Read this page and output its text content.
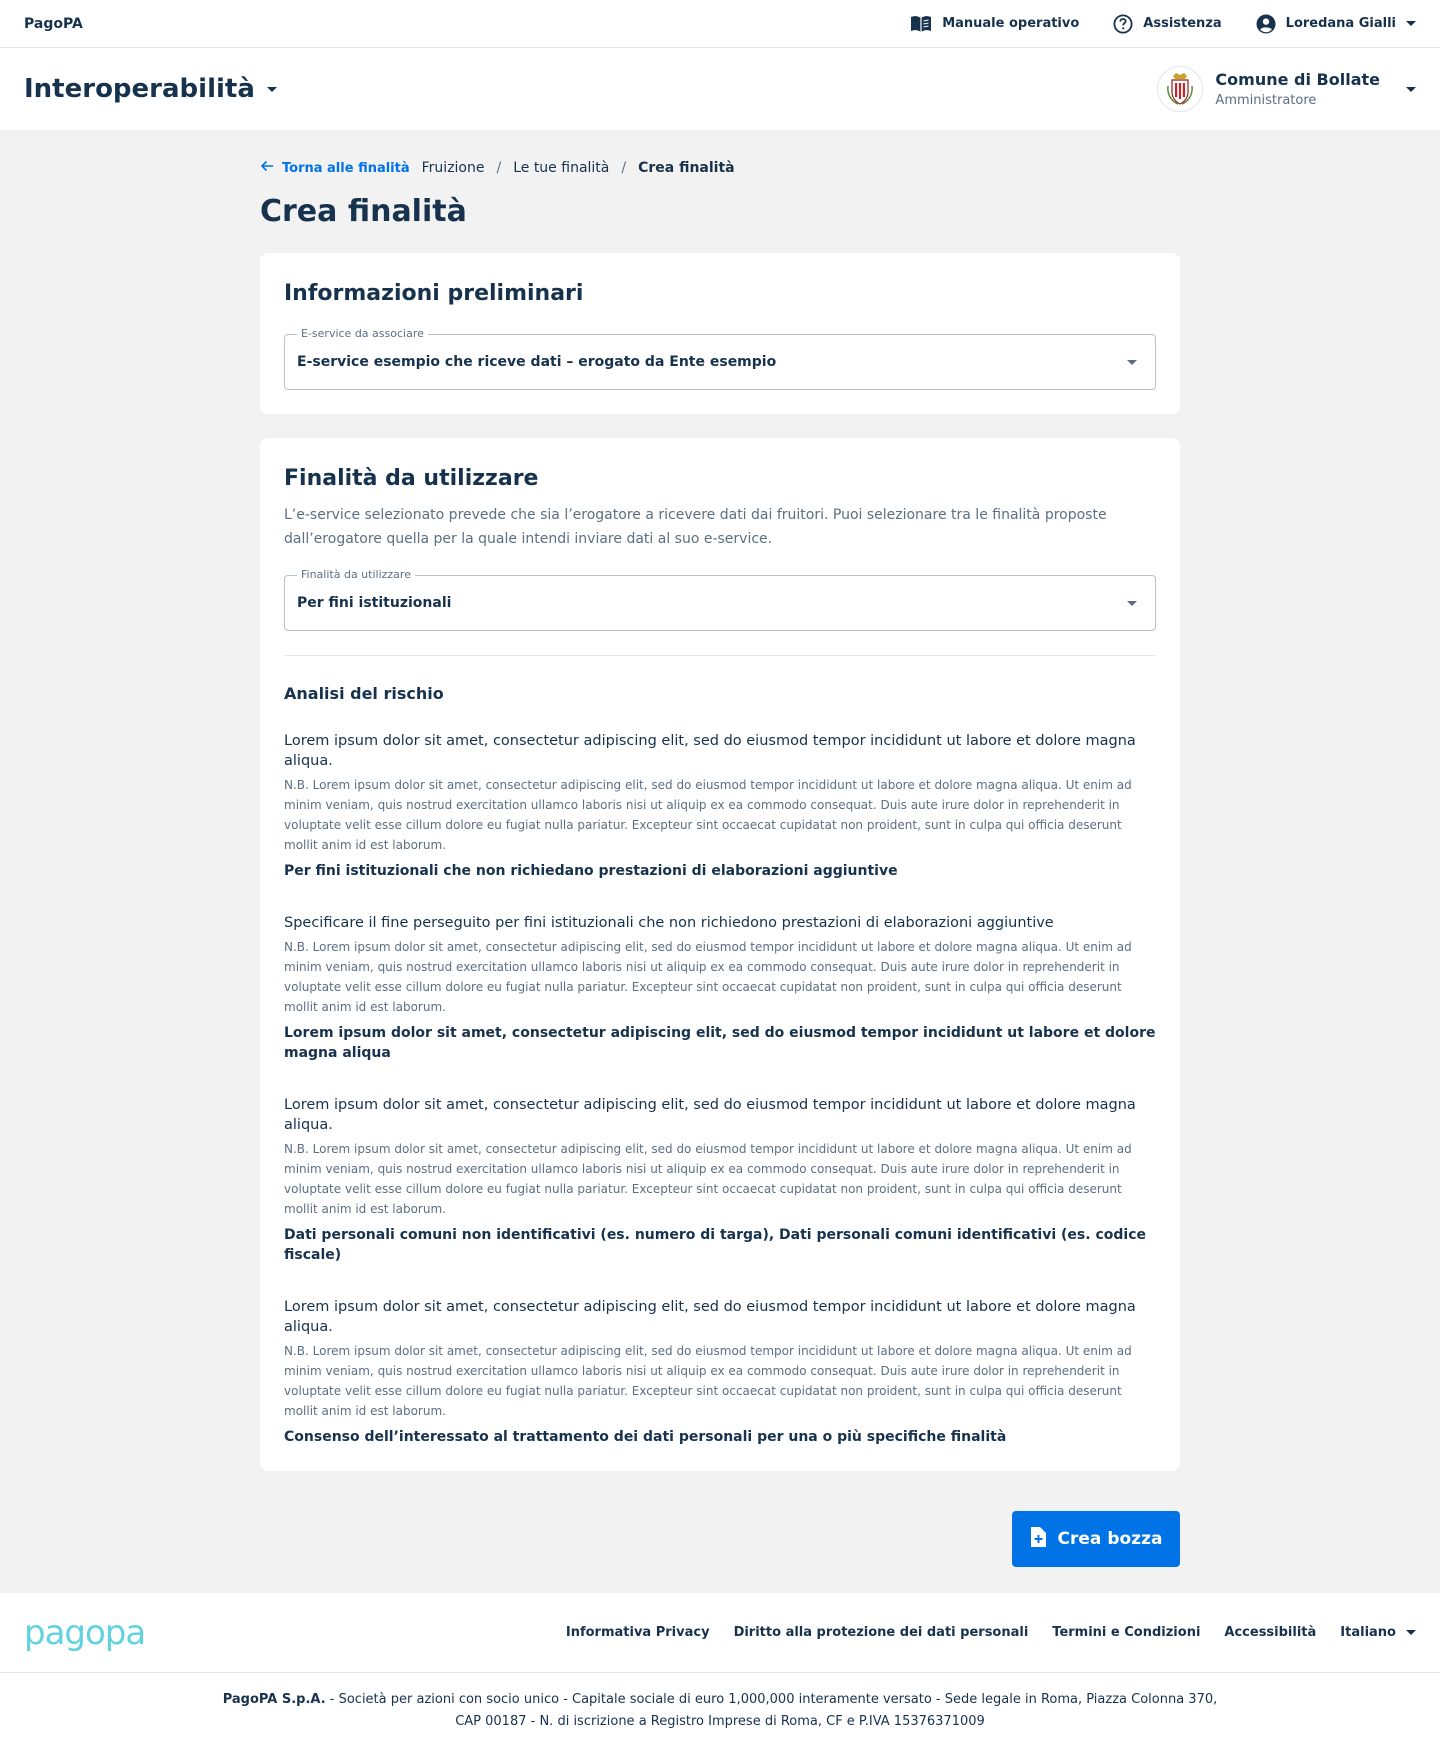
PagoPA	Manuale operativo	Assistenza	Loredana Gialli
Interoperabilità	Comune di Bollate
Amministratore
Torna alle finalità Fruizione / Le tue finalità / Crea finalità
Crea finalità
Informazioni preliminari
E-service da associare
E-service esempio che riceve dati – erogato da Ente esempio
Finalità da utilizzare

L’e-service selezionato prevede che sia l’erogatore a ricevere dati dai fruitori. Puoi selezionare tra le finalità proposte dall’erogatore quella per la quale intendi inviare dati al suo e-service.

Finalità da utilizzare
Per fini istituzionali
Analisi del rischio

Lorem ipsum dolor sit amet, consectetur adipiscing elit, sed do eiusmod tempor incididunt ut labore et dolore magna aliqua.

N.B. Lorem ipsum dolor sit amet, consectetur adipiscing elit, sed do eiusmod tempor incididunt ut labore et dolore magna aliqua. Ut enim ad minim veniam, quis nostrud exercitation ullamco laboris nisi ut aliquip ex ea commodo consequat. Duis aute irure dolor in reprehenderit in voluptate velit esse cillum dolore eu fugiat nulla pariatur. Excepteur sint occaecat cupidatat non proident, sunt in culpa qui officia deserunt mollit anim id est laborum.

Per fini istituzionali che non richiedano prestazioni di elaborazioni aggiuntive

Specificare il fine perseguito per fini istituzionali che non richiedono prestazioni di elaborazioni aggiuntive

N.B. Lorem ipsum dolor sit amet, consectetur adipiscing elit, sed do eiusmod tempor incididunt ut labore et dolore magna aliqua. Ut enim ad minim veniam, quis nostrud exercitation ullamco laboris nisi ut aliquip ex ea commodo consequat. Duis aute irure dolor in reprehenderit in voluptate velit esse cillum dolore eu fugiat nulla pariatur. Excepteur sint occaecat cupidatat non proident, sunt in culpa qui officia deserunt mollit anim id est laborum.

Lorem ipsum dolor sit amet, consectetur adipiscing elit, sed do eiusmod tempor incididunt ut labore et dolore magna aliqua

Lorem ipsum dolor sit amet, consectetur adipiscing elit, sed do eiusmod tempor incididunt ut labore et dolore magna aliqua.

N.B. Lorem ipsum dolor sit amet, consectetur adipiscing elit, sed do eiusmod tempor incididunt ut labore et dolore magna aliqua. Ut enim ad minim veniam, quis nostrud exercitation ullamco laboris nisi ut aliquip ex ea commodo consequat. Duis aute irure dolor in reprehenderit in voluptate velit esse cillum dolore eu fugiat nulla pariatur. Excepteur sint occaecat cupidatat non proident, sunt in culpa qui officia deserunt mollit anim id est laborum.

Dati personali comuni non identificativi (es. numero di targa), Dati personali comuni identificativi (es. codice fiscale)

Lorem ipsum dolor sit amet, consectetur adipiscing elit, sed do eiusmod tempor incididunt ut labore et dolore magna aliqua.

N.B. Lorem ipsum dolor sit amet, consectetur adipiscing elit, sed do eiusmod tempor incididunt ut labore et dolore magna aliqua. Ut enim ad minim veniam, quis nostrud exercitation ullamco laboris nisi ut aliquip ex ea commodo consequat. Duis aute irure dolor in reprehenderit in voluptate velit esse cillum dolore eu fugiat nulla pariatur. Excepteur sint occaecat cupidatat non proident, sunt in culpa qui officia deserunt mollit anim id est laborum.

Consenso dell’interessato al trattamento dei dati personali per una o più specifiche finalità

Crea bozza
pagopa	Informativa Privacy Diritto alla protezione dei dati personali Termini e Condizioni Accessibilità Italiano
PagoPA S.p.A. - Società per azioni con socio unico - Capitale sociale di euro 1,000,000 interamente versato - Sede legale in Roma, Piazza Colonna 370,
CAP 00187 - N. di iscrizione a Registro Imprese di Roma, CF e P.IVA 15376371009
